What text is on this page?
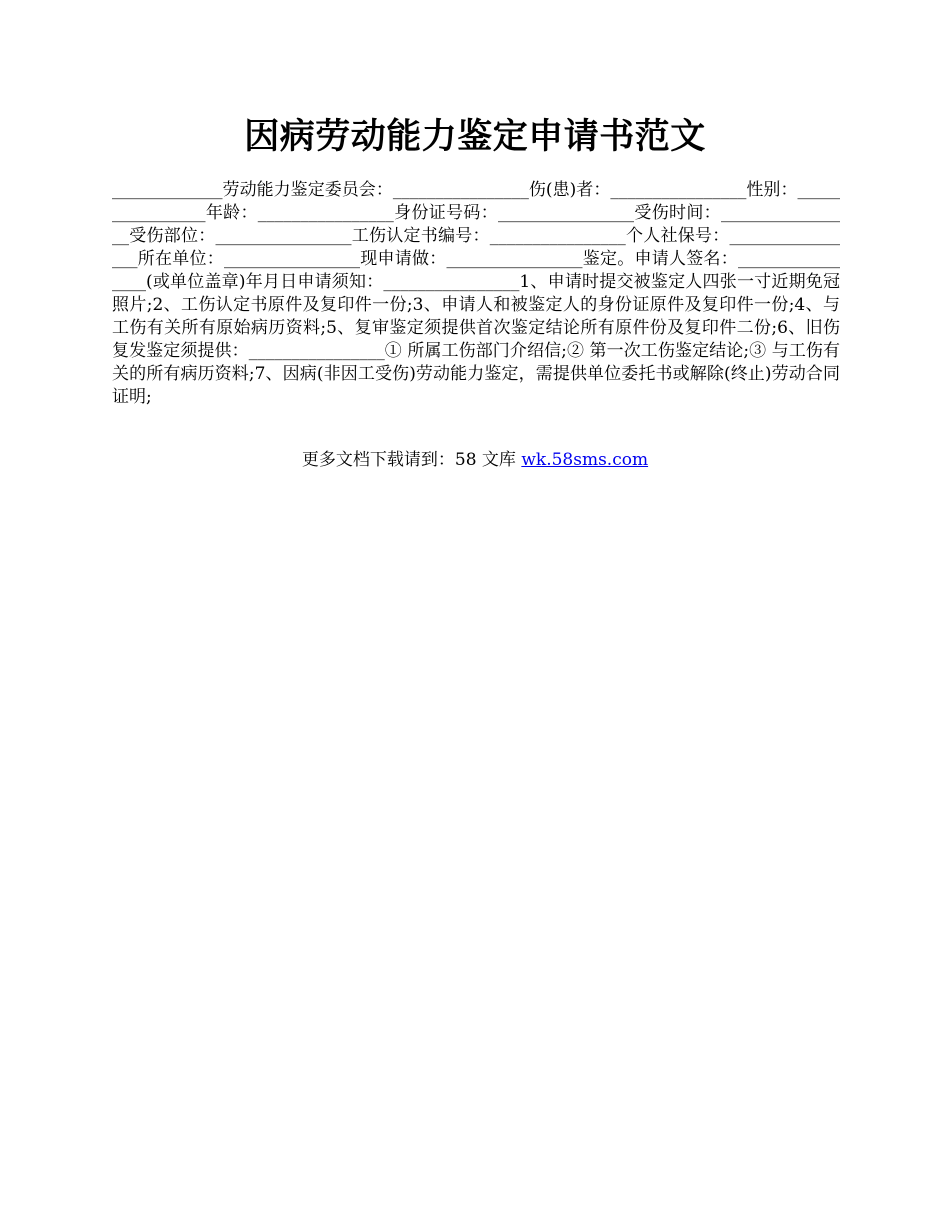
因病劳动能力鉴定申请书范文

_____________劳动能力鉴定委员会：________________伤(患)者：________________性别：________________年龄：________________身份证号码：________________受伤时间：________________受伤部位：________________工伤认定书编号：________________个人社保号：________________所在单位：________________现申请做：________________鉴定。申请人签名：________________(或单位盖章)年月日申请须知：________________1、申请时提交被鉴定人四张一寸近期免冠照片;2、工伤认定书原件及复印件一份;3、申请人和被鉴定人的身份证原件及复印件一份;4、与工伤有关所有原始病历资料;5、复审鉴定须提供首次鉴定结论所有原件份及复印件二份;6、旧伤复发鉴定须提供：________________① 所属工伤部门介绍信;② 第一次工伤鉴定结论;③ 与工伤有关的所有病历资料;7、因病(非因工受伤)劳动能力鉴定，需提供单位委托书或解除(终止)劳动合同证明;

更多文档下载请到：58 文库 wk.58sms.com
